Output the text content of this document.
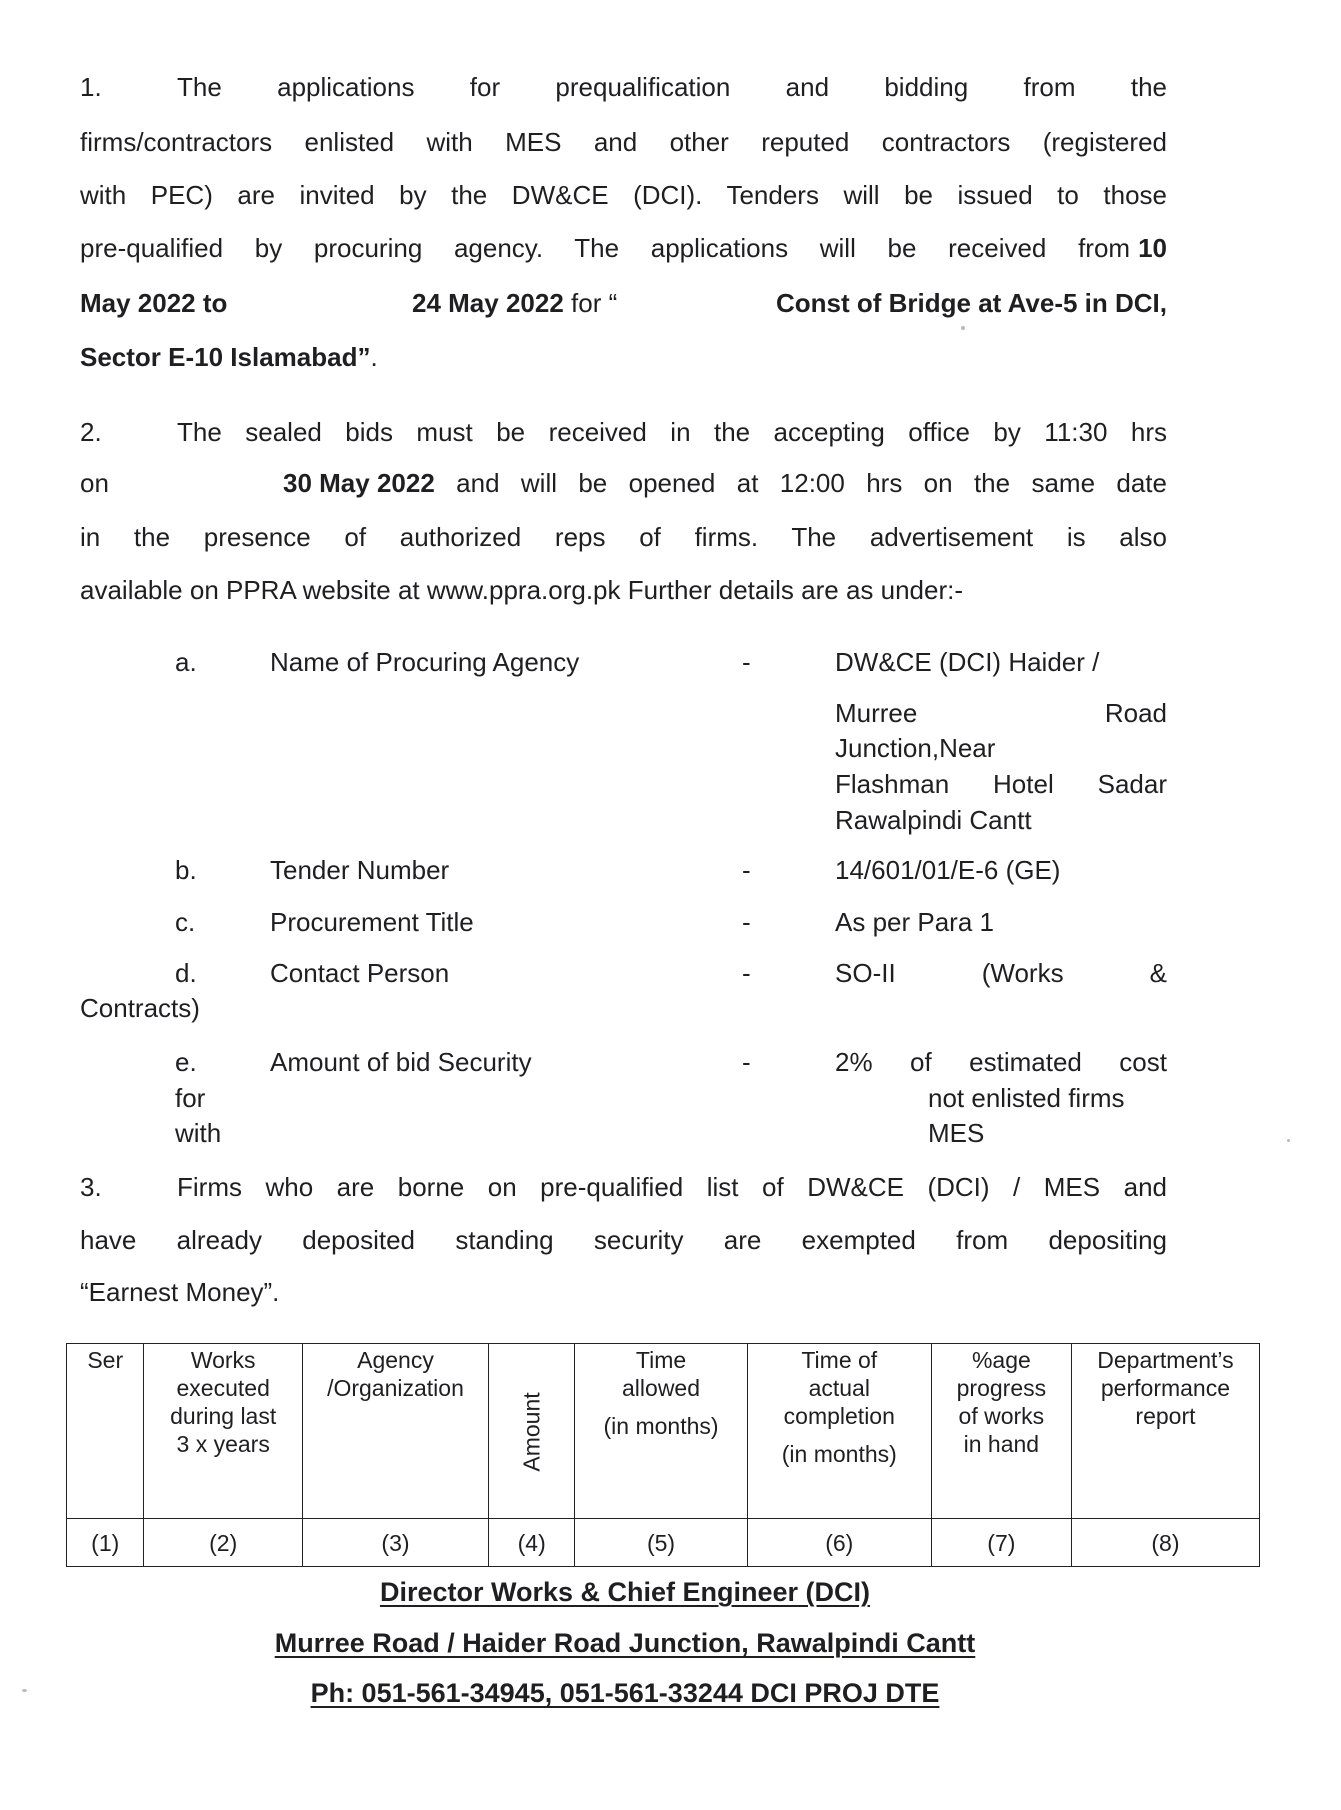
1.	The applications for prequalification and bidding from the
firms/contractors enlisted with MES and other reputed contractors (registered
with PEC) are invited by the DW&CE (DCI). Tenders will be issued to those
pre-qualified by procuring agency. The applications will be received from 10
May 2022 to	24 May 2022 for “	Const of Bridge at Ave-5 in DCI,
Sector E-10 Islamabad”.
2.	The sealed bids must be received in the accepting office by 11:30 hrs
on	30 May 2022 and will be opened at 12:00 hrs on the same date
in the presence of authorized reps of firms. The advertisement is also
available on PPRA website at www.ppra.org.pk Further details are as under:-
a.	Name of Procuring Agency	-	DW&CE (DCI) Haider /
Murree	Road
Junction,Near
Flashman Hotel Sadar
Rawalpindi Cantt
b.	Tender Number	-	14/601/01/E-6 (GE)
c.	Procurement Title	-	As per Para 1
d.	Contact Person	-	SO-II (Works &
Contracts)
e.	Amount of bid Security	-	2% of estimated cost
for
with
not enlisted firms
MES
3.	Firms who are borne on pre-qualified list of DW&CE (DCI) / MES and
have already deposited standing security are exempted from depositing
“Earnest Money”.
Ser	Works
executed
during last
3 x years	Agency
/Organization	Amount	Time
allowed
(in months)	Time of
actual
completion
(in months)	%age
progress
of works
in hand	Department’s
performance
report

(1)	(2)	(3)	(4)	(5)	(6)	(7)	(8)
Director Works & Chief Engineer (DCI)
Murree Road / Haider Road Junction, Rawalpindi Cantt
Ph: 051-561-34945, 051-561-33244 DCI PROJ DTE
